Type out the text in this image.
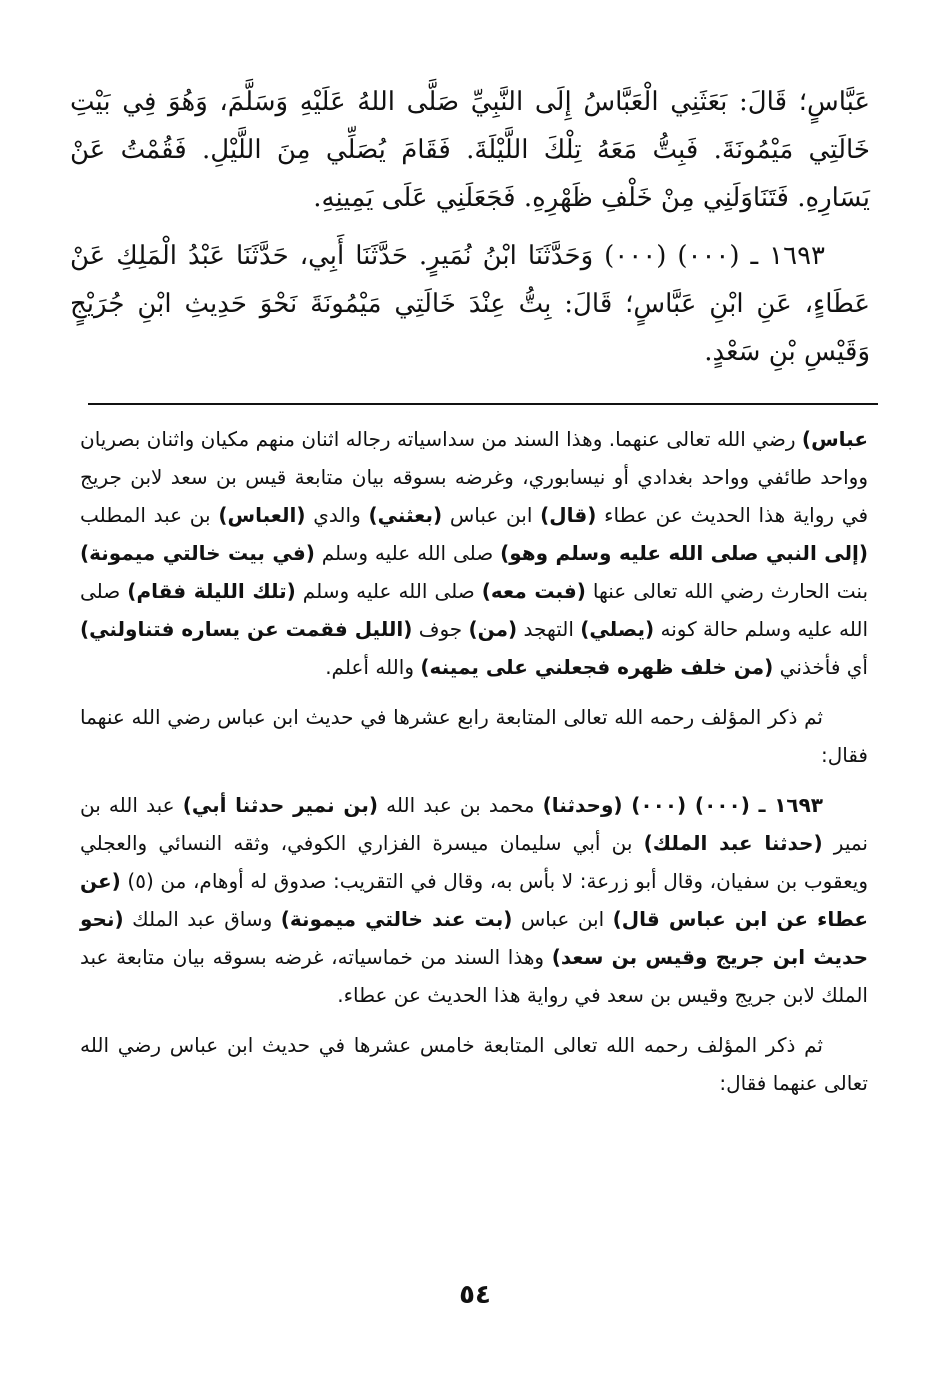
عَبَّاسٍ؛ قَالَ: بَعَثَنِي الْعَبَّاسُ إِلَى النَّبِيِّ صَلَّى اللهُ عَلَيْهِ وَسَلَّمَ، وَهُوَ فِي بَيْتِ خَالَتِي مَيْمُونَةَ. فَبِتُّ مَعَهُ تِلْكَ اللَّيْلَةَ. فَقَامَ يُصَلِّي مِنَ اللَّيْلِ. فَقُمْتُ عَنْ يَسَارِهِ. فَتَنَاوَلَنِي مِنْ خَلْفِ ظَهْرِهِ. فَجَعَلَنِي عَلَى يَمِينِهِ.

١٦٩٣ ـ (٠٠٠) (٠٠٠) وَحَدَّثَنَا ابْنُ نُمَيرٍ. حَدَّثَنَا أَبِي، حَدَّثَنَا عَبْدُ الْمَلِكِ عَنْ عَطَاءٍ، عَنِ ابْنِ عَبَّاسٍ؛ قَالَ: بِتُّ عِنْدَ خَالَتِي مَيْمُونَةَ نَحْوَ حَدِيثِ ابْنِ جُرَيْجٍ وَقَيْسِ بْنِ سَعْدٍ.

عباس) رضي الله تعالى عنهما. وهذا السند من سداسياته رجاله اثنان منهم مكيان واثنان بصريان وواحد طائفي وواحد بغدادي أو نيسابوري، وغرضه بسوقه بيان متابعة قيس بن سعد لابن جريج في رواية هذا الحديث عن عطاء (قال) ابن عباس (بعثني) والدي (العباس) بن عبد المطلب (إلى النبي صلى الله عليه وسلم وهو) صلى الله عليه وسلم (في بيت خالتي ميمونة) بنت الحارث رضي الله تعالى عنها (فبت معه) صلى الله عليه وسلم (تلك الليلة فقام) صلى الله عليه وسلم حالة كونه (يصلي) التهجد (من) جوف (الليل فقمت عن يساره فتناولني) أي فأخذني (من خلف ظهره فجعلني على يمينه) والله أعلم.

ثم ذكر المؤلف رحمه الله تعالى المتابعة رابع عشرها في حديث ابن عباس رضي الله عنهما فقال:

١٦٩٣ ـ (٠٠٠) (٠٠٠) (وحدثنا) محمد بن عبد الله (بن نمير حدثنا أبي) عبد الله بن نمير (حدثنا عبد الملك) بن أبي سليمان ميسرة الفزاري الكوفي، وثقه النسائي والعجلي ويعقوب بن سفيان، وقال أبو زرعة: لا بأس به، وقال في التقريب: صدوق له أوهام، من (٥) (عن عطاء عن ابن عباس قال) ابن عباس (بت عند خالتي ميمونة) وساق عبد الملك (نحو حديث ابن جريج وقيس بن سعد) وهذا السند من خماسياته، غرضه بسوقه بيان متابعة عبد الملك لابن جريج وقيس بن سعد في رواية هذا الحديث عن عطاء.

ثم ذكر المؤلف رحمه الله تعالى المتابعة خامس عشرها في حديث ابن عباس رضي الله تعالى عنهما فقال:

٥٤
